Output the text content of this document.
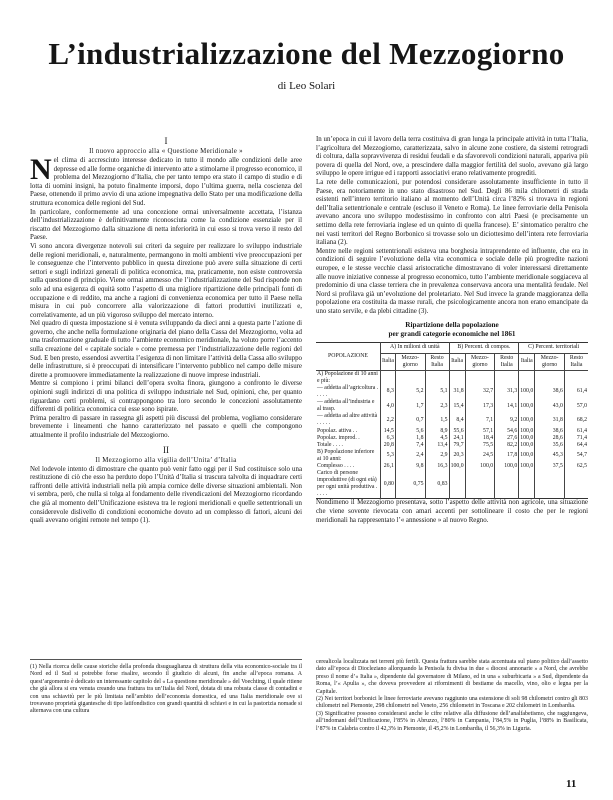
L’industrializzazione del Mezzogiorno

di Leo Solari

I

Il nuovo approccio alla « Questione Meridionale »

Nel clima di accresciuto interesse dedicato in tutto il mondo alle condizioni delle aree depresse ed alle forme organiche di intervento atte a stimolarne il progresso economico, il problema del Mezzogiorno d’Italia, che per tanto tempo era stato il campo di studio e di lotta di uomini insigni, ha potuto finalmente imporsi, dopo l’ultima guerra, nella coscienza del Paese, ottenendo il primo avvio di una azione impegnativa dello Stato per una modificazione della struttura economica delle regioni del Sud.

In particolare, conformemente ad una concezione ormai universalmente accettata, l’istanza dell’industrializzazione è definitivamente riconosciuta come la condizione essenziale per il riscatto del Mezzogiorno dalla situazione di netta inferiorità in cui esso si trova verso il resto del Paese.

Vi sono ancora divergenze notevoli sui criteri da seguire per realizzare lo sviluppo industriale delle regioni meridionali, e, naturalmente, permangono in molti ambienti vive preoccupazioni per le conseguenze che l’intervento pubblico in questa direzione può avere sulla situazione di certi settori e sugli indirizzi generali di politica economica, ma, praticamente, non esiste controversia sulla questione di principio. Viene ormai ammesso che l’industrializzazione del Sud risponde non solo ad una esigenza di equità sotto l’aspetto di una migliore ripartizione delle principali fonti di occupazione e di reddito, ma anche a ragioni di convenienza economica per tutto il Paese nella misura in cui può concorrere alla valorizzazione di fattori produttivi inutilizzati e, correlativamente, ad un più vigoroso sviluppo del mercato interno.

Nel quadro di questa impostazione si è venuta sviluppando da dieci anni a questa parte l’azione di governo, che anche nella formulazione originaria del piano della Cassa del Mezzogiorno, volta ad una trasformazione graduale di tutto l’ambiente economico meridionale, ha voluto porre l’accento sulla creazione del « capitale sociale » come premessa per l’industrializzazione delle regioni del Sud. E ben presto, essendosi avvertita l’esigenza di non limitare l’attività della Cassa allo sviluppo delle infrastrutture, si è preoccupati di intensificare l’intervento pubblico nel campo delle misure dirette a promuovere immediatamente la realizzazione di nuove imprese industriali.

Mentre si compiono i primi bilanci dell’opera svolta finora, giungono a confronto le diverse opinioni sugli indirizzi di una politica di sviluppo industriale nel Sud, opinioni, che, per quanto riguardano certi problemi, si contrappongono tra loro secondo le concezioni assolutamente differenti di politica economica cui esse sono ispirate.

Prima peraltro di passare in rassegna gli aspetti più discussi del problema, vogliamo considerare brevemente i lineamenti che hanno caratterizzato nel passato e quelli che compongono attualmente il profilo industriale del Mezzogiorno.

II

Il Mezzogiorno alla vigilia dell’Unita’ d’Italia

Nel lodevole intento di dimostrare che quanto può venir fatto oggi per il Sud costituisce solo una restituzione di ciò che esso ha perduto dopo l’Unità d’Italia si trascura talvolta di inquadrare certi raffronti delle attività industriali nella più ampia cornice delle diverse situazioni ambientali. Non vi sembra, però, che nulla si tolga al fondamento delle rivendicazioni del Mezzogiorno ricordando che già al momento dell’Unificazione esisteva tra le regioni meridionali e quelle settentrionali un considerevole dislivello di condizioni economiche dovuto ad un complesso di fattori, alcuni dei quali avevano origini remote nel tempo (1).

In un’epoca in cui il lavoro della terra costituiva di gran lunga la principale attività in tutta l’Italia, l’agricoltura del Mezzogiorno, caratterizzata, salvo in alcune zone costiere, da sistemi retrogradi di coltura, dalla sopravvivenza di residui feudali e da sfavorevoli condizioni naturali, appariva più povera di quella del Nord, ove, a prescindere dalla maggior fertilità del suolo, avevano già largo sviluppo le opere irrigue ed i rapporti associativi erano relativamente progrediti.

La rete delle comunicazioni, pur potendosi considerare assolutamente insufficiente in tutto il Paese, era notoriamente in uno stato disastroso nel Sud. Degli 86 mila chilometri di strada esistenti nell’intero territorio italiano al momento dell’Unità circa l’82% si trovava in regioni dell’Italia settentrionale e centrale (escluso il Veneto e Roma). Le linee ferroviarie della Penisola avevano ancora uno sviluppo modestissimo in confronto con altri Paesi (e precisamente un settimo della rete ferroviaria inglese ed un quinto di quella francese). E’ sintomatico peraltro che nei vasti territori del Regno Borbonico si trovasse solo un diciottesimo dell’intera rete ferroviaria italiana (2).

Mentre nelle regioni settentrionali esisteva una borghesia intraprendente ed influente, che era in condizioni di seguire l’evoluzione della vita economica e sociale delle più progredite nazioni europee, e le stesse vecchie classi aristocratiche dimostravano di voler interessarsi direttamente alle nuove iniziative connesse al progresso economico, tutto l’ambiente meridionale soggiaceva al predominio di una classe terriera che in prevalenza conservava ancora una mentalità feudale. Nel Nord si profilava già un’evoluzione del proletariato. Nel Sud invece la grande maggioranza della popolazione era costituita da masse rurali, che psicologicamente ancora non erano emancipate da uno stato servile, e da plebi cittadine (3).

Ripartizione della popolazione

per grandi categorie economiche nel 1861

POPOLAZIONE	A) In milioni di unità			B) Percent. di compos.			C) Percent. territoriali		
	Italia	Mezzo-giorno	Resto Italia	Italia	Mezzo-giorno	Resto Italia	Italia	Mezzo-giorno	Resto Italia
A) Popolazione di 10 anni e più:									
— addetta all’agricoltura . . . . .	8,3	5,2	5,1	31,8	32,7	31,3	100,0	38,6	61,4
— addetta all’industria e al trasp.	4,0	1,7	2,3	15,4	17,3	14,1	100,0	43,0	57,0
— addetta ad altre attività . . . . .	2,2	0,7	1,5	8,4	7,1	9,2	100,0	31,8	68,2
Popolaz. attiva . .	14,5	5,6	8,9	55,6	57,1	54,6	100,0	38,6	61,4
Popolaz. improd. .	6,3	1,8	4,5	24,1	18,4	27,6	100,0	28,6	71,4
Totale . . . .	20,8	7,4	13,4	79,7	75,5	82,2	100,0	35,6	64,4
B) Popolazione inferiore ai 10 anni:	5,3	2,4	2,9	20,3	24,5	17,8	100,0	45,3	54,7
Complesso . . . .	26,1	9,8	16,3	100,0	100,0	100,0	100,0	37,5	62,5
Carico di persone improduttive (di ogni età) per ogni unità produttiva . . . . .	0,80	0,75	0,83						

Nondimeno il Mezzogiorno presentava, sotto l’aspetto delle attività non agricole, una situazione che viene sovente rievocata con amari accenti per sottolineare il costo che per le regioni meridionali ha rappresentato l’« annessione » al nuovo Regno.

(1) Nella ricerca delle cause storiche della profonda disuguaglianza di struttura della vita economico-sociale tra il Nord ed il Sud si potrebbe forse risalire, secondo il giudizio di alcuni, fin anche all’epoca romana. A quest’argomento è dedicato un interessante capitolo del « La questione meridionale » del Voechting, il quale ritiene che già allora si era venuta creando una frattura tra un’Italia del Nord, dotata di una robusta classe di contadini e con una schiavitù per le più limitata nell’ambito dell’economia domestica, ed una Italia meridionale ove si trovavano proprietà gigantesche di tipo latifondistico con grandi quantità di schiavi e in cui la pastorizia nomade si alternava con una cultura

cerealicola localizzata nei terreni più fertili. Questa frattura sarebbe stata accentuata sul piano politico dall’assetto dato all’epoca di Diocleziano allorquando la Penisola fu divisa in due « diocesi annonarie » a Nord, che avrebbe preso il nome d’« Italia », dipendente dal governatore di Milano, ed in una « suburbicaria » a Sud, dipendente da Roma, l’« Apulia », che doveva provvedere ai rifornimenti di bestiame da macello, vino, olio e legna per la Capitale.

(2) Nei territori borbonici le linee ferroviarie avevano raggiunto una estensione di soli 98 chilometri contro gli 803 chilometri nel Piemonte, 298 chilometri nel Veneto, 256 chilometri in Toscana e 202 chilometri in Lombardia.

(3) Significative possono considerarsi anche le cifre relative alla diffusione dell’analfabetismo, che raggiungeva, all’indomani dell’Unificazione, l’85% in Abruzzo, l’80% in Campania, l’84,5% in Puglia, l’88% in Basilicata, l’87% in Calabria contro il 42,3% in Piemonte, il 45,2% in Lombardia, il 56,3% in Liguria.

11
